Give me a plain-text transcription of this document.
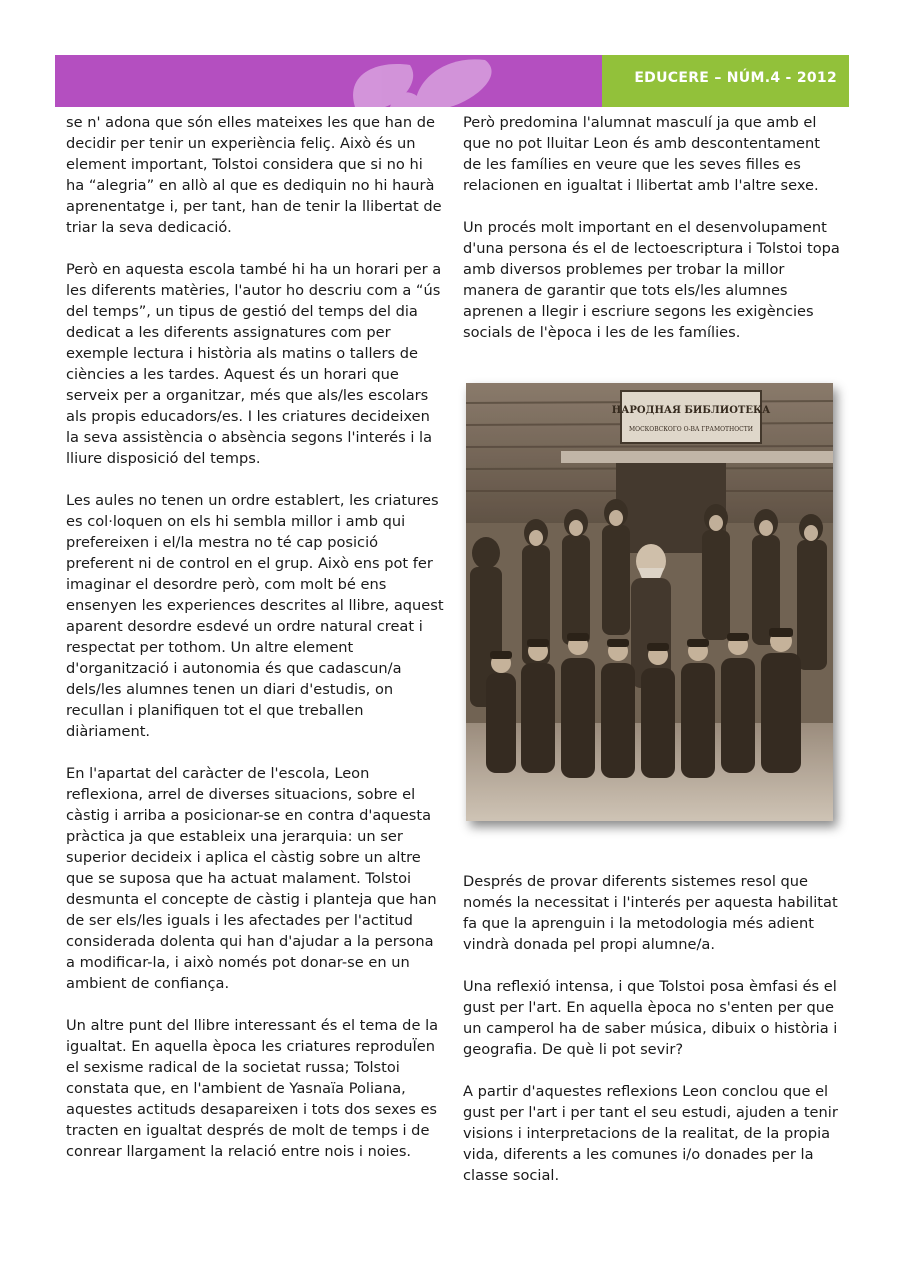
EDUCERE – NÚM.4 - 2012

se n' adona que són elles mateixes les que han de decidir per tenir un experiència feliç. Això és un element important, Tolstoi considera que si no hi ha “alegria” en allò al que es dediquin no hi haurà aprenentatge i, per tant, han de tenir la llibertat de triar la seva dedicació.

Però en aquesta escola també hi ha un horari per a les diferents matèries, l'autor ho descriu com a “ús del temps”, un tipus de gestió del temps del dia dedicat a les diferents assignatures com per exemple lectura i història als matins o tallers de ciències a les tardes. Aquest és un horari que serveix per a organitzar, més que als/les escolars als propis educadors/es. I les criatures decideixen la seva assistència o absència segons l'interés i la lliure disposició del temps.

Les aules no tenen un ordre establert, les criatures es col·loquen on els hi sembla millor i amb qui prefereixen i el/la mestra no té cap posició preferent ni de control en el grup. Això ens pot fer imaginar el desordre però, com molt bé ens ensenyen les experiences descrites al llibre, aquest aparent desordre esdevé un ordre natural creat i respectat per tothom. Un altre element d'organització i autonomia és que cadascun/a dels/les alumnes tenen un diari d'estudis, on recullan i planifiquen tot el que treballen diàriament.

En l'apartat del caràcter de l'escola, Leon reflexiona, arrel de diverses situacions, sobre el càstig i arriba a posicionar-se en contra d'aquesta pràctica ja que estableix una jerarquia: un ser superior decideix i aplica el càstig sobre un altre que se suposa que ha actuat malament. Tolstoi desmunta el concepte de càstig i planteja que han de ser els/les iguals i les afectades per l'actitud considerada dolenta qui han d'ajudar a la persona a modificar-la, i això només pot donar-se en un ambient de confiança.

Un altre punt del llibre interessant és el tema de la igualtat. En aquella època les criatures reproduÏen el sexisme radical de la societat russa; Tolstoi constata que, en l'ambient de Yasnaïa Poliana, aquestes actituds desapareixen i tots dos sexes es tracten en igualtat després de molt de temps i de conrear llargament la relació entre nois i noies.

Però predomina l'alumnat masculí ja que amb el que no pot lluitar Leon és amb descontentament de les famílies en veure que les seves filles es relacionen en igualtat i llibertat amb l'altre sexe.

Un procés molt important en el desenvolupament d'una persona és el de lectoescriptura i Tolstoi topa amb diversos problemes per trobar la millor manera de garantir que tots els/les alumnes aprenen a llegir i escriure segons les exigències socials de l'època i les de les famílies.

НАРОДНАЯ БИБЛИОТЕКА
МОСКОВСКОГО О-ВА ГРАМОТНОСТИ

Després de provar diferents sistemes resol que només la necessitat i l'interés per aquesta habilitat fa que la aprenguin i la metodologia més adient vindrà donada pel propi alumne/a.

Una reflexió intensa, i que Tolstoi posa èmfasi és el gust per l'art. En aquella època no s'enten per que un camperol ha de saber música, dibuix o història i geografia. De què li pot sevir?

A partir d'aquestes reflexions Leon conclou que el gust per l'art i per tant el seu estudi, ajuden a tenir visions i interpretacions de la realitat, de la propia vida, diferents a les comunes i/o donades per la classe social.
